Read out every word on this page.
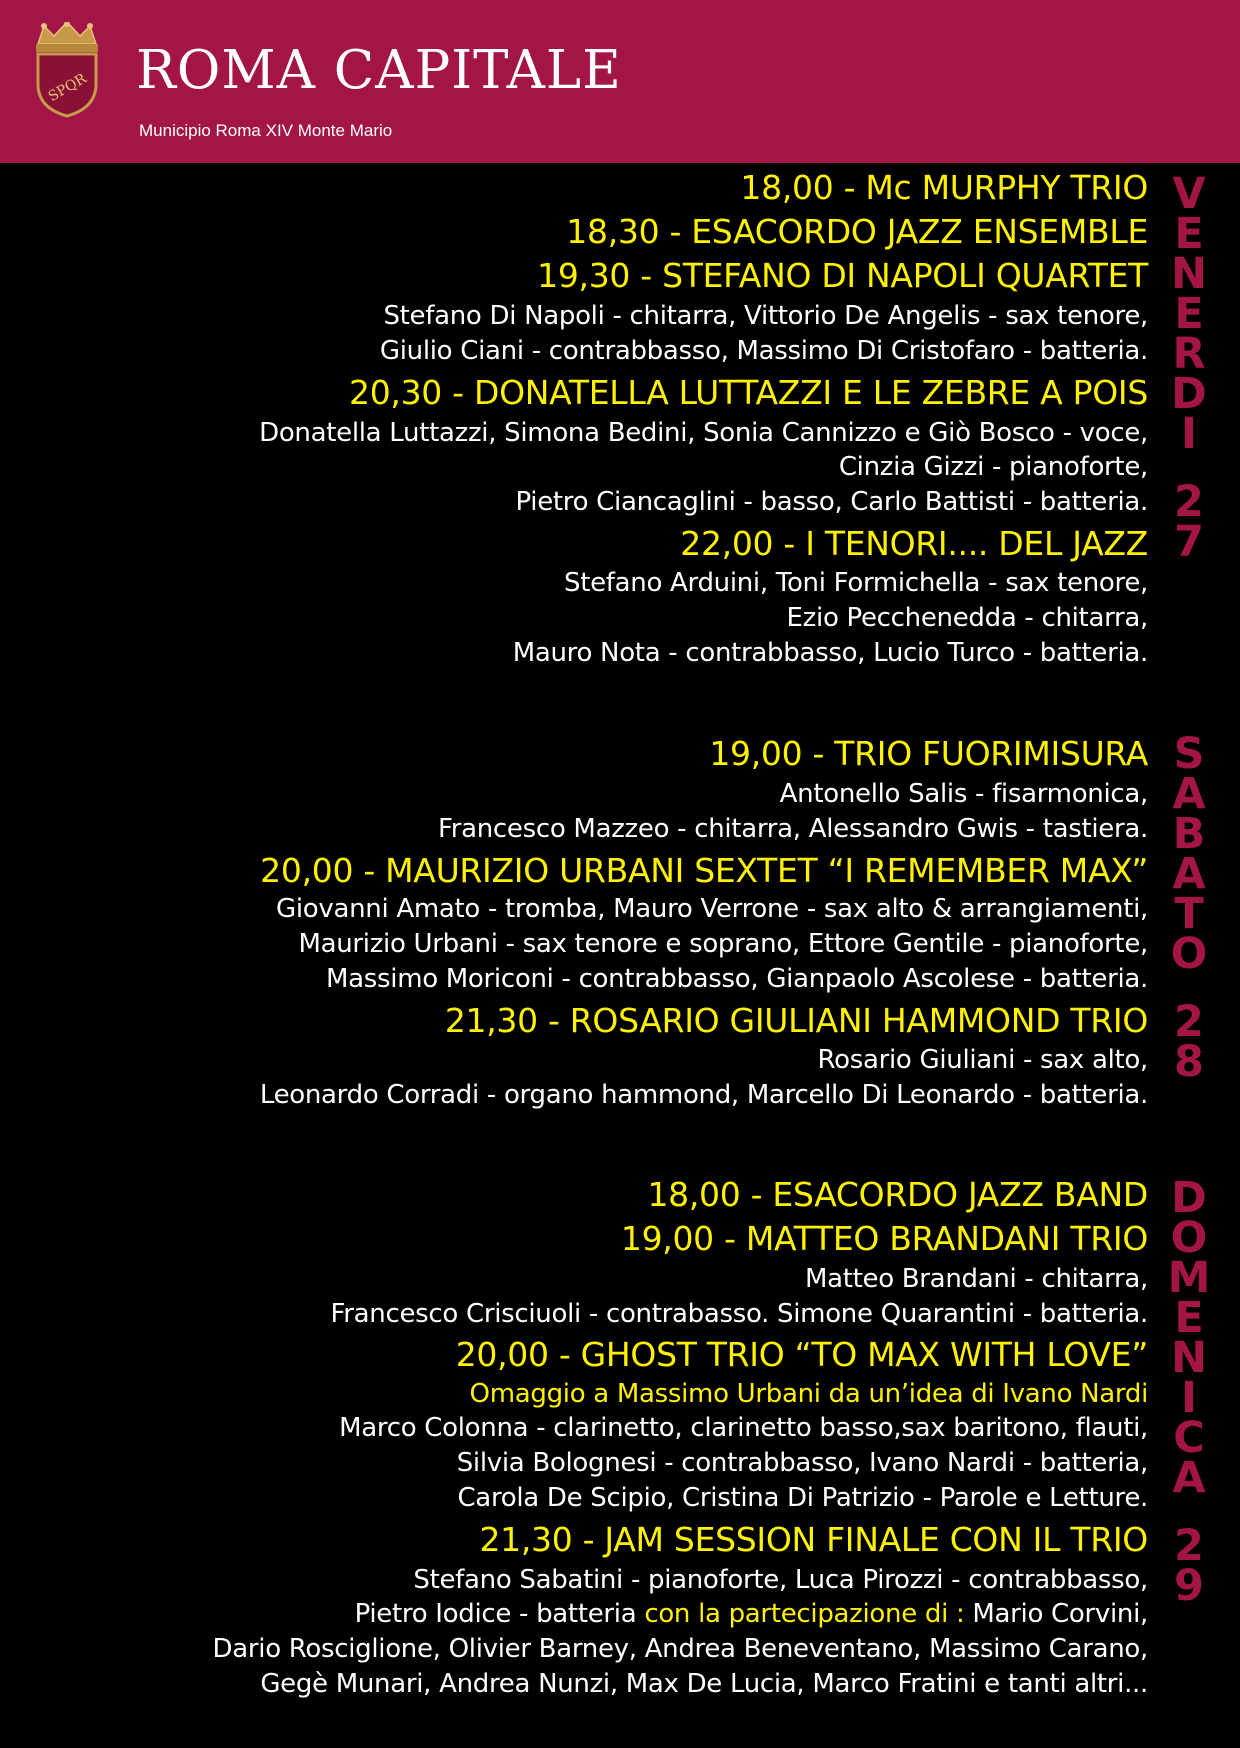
SPQR ROMA CAPITALE
Municipio Roma XIV Monte Mario
18,00 - Mc MURPHY TRIO
18,30 - ESACORDO JAZZ ENSEMBLE
19,30 - STEFANO DI NAPOLI QUARTET
Stefano Di Napoli - chitarra, Vittorio De Angelis - sax tenore,
Giulio Ciani - contrabbasso, Massimo Di Cristofaro - batteria.
20,30 - DONATELLA LUTTAZZI E LE ZEBRE A POIS
Donatella Luttazzi, Simona Bedini, Sonia Cannizzo e Giò Bosco - voce,
Cinzia Gizzi - pianoforte,
Pietro Ciancaglini - basso, Carlo Battisti - batteria.
22,00 - I TENORI.... DEL JAZZ
Stefano Arduini, Toni Formichella - sax tenore,
Ezio Pecchenedda - chitarra,
Mauro Nota - contrabbasso, Lucio Turco - batteria.
19,00 - TRIO FUORIMISURA
Antonello Salis - fisarmonica,
Francesco Mazzeo - chitarra, Alessandro Gwis - tastiera.
20,00 - MAURIZIO URBANI SEXTET “I REMEMBER MAX”
Giovanni Amato - tromba, Mauro Verrone - sax alto & arrangiamenti,
Maurizio Urbani - sax tenore e soprano, Ettore Gentile - pianoforte,
Massimo Moriconi - contrabbasso, Gianpaolo Ascolese - batteria.
21,30 - ROSARIO GIULIANI HAMMOND TRIO
Rosario Giuliani - sax alto,
Leonardo Corradi - organo hammond, Marcello Di Leonardo - batteria.
18,00 - ESACORDO JAZZ BAND
19,00 - MATTEO BRANDANI TRIO
Matteo Brandani - chitarra,
Francesco Crisciuoli - contrabasso. Simone Quarantini - batteria.
20,00 - GHOST TRIO “TO MAX WITH LOVE”
Omaggio a Massimo Urbani da un’idea di Ivano Nardi
Marco Colonna - clarinetto, clarinetto basso,sax baritono, flauti,
Silvia Bolognesi - contrabbasso, Ivano Nardi - batteria,
Carola De Scipio, Cristina Di Patrizio - Parole e Letture.
21,30 - JAM SESSION FINALE CON IL TRIO
Stefano Sabatini - pianoforte, Luca Pirozzi - contrabbasso,
Pietro Iodice - batteria con la partecipazione di : Mario Corvini,
Dario Rosciglione, Olivier Barney, Andrea Beneventano, Massimo Carano,
Gegè Munari, Andrea Nunzi, Max De Lucia, Marco Fratini e tanti altri...
V
E
N
E
R
D
I
2
7
S
A
B
A
T
O
2
8
D
O
M
E
N
I
C
A
2
9
